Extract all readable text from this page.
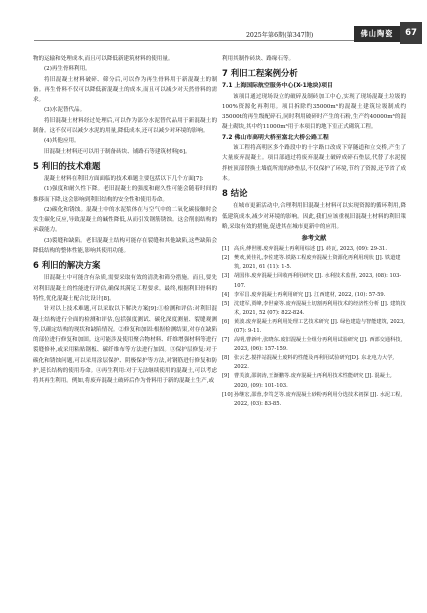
2025年第6期(第347期)	佛山陶瓷	67

物的运输和处理成本,而且可以降低新建筑材料的使用量。

(2)再生骨料利用。

将旧混凝土材料破碎、筛分后,可以作为再生骨料用于新混凝土的制备。再生骨料不仅可以降低新混凝土的成本,而且可以减少对天然骨料的需求。

(3)水泥替代品。

将旧混凝土材料经过处理后,可以作为部分水泥替代品用于新混凝土的制备。这不仅可以减少水泥的用量,降低成本,还可以减少对环境的影响。

(4)其他应用。

旧混凝土材料还可以用于制备砖块、铺路石等建筑材料[6]。

5 利旧的技术难题

混凝土材料在利旧方面面临的技术难题主要包括以下几个方面[7]:

(1)强度和耐久性下降。老旧混凝土的强度和耐久性可能会随着时间的推移而下降,这会影响到利旧结构的安全性和使用寿命。

(2)碳化和锈蚀。混凝土中的水泥浆体在与空气中的二氧化碳接触时会发生碳化反应,导致混凝土的碱性降低,从而引发钢筋锈蚀。这会削弱结构的承载能力。

(3)裂缝和缺陷。老旧混凝土结构可能存在裂缝和其他缺陷,这些缺陷会降低结构的整体性能,影响其使用功能。

6 利旧的解决方案

旧混凝土中可能含有杂质,需要采取有效的清洗和筛分措施。而且,要先对利旧混凝土的性能进行评估,确保其满足工程要求。最终,根据利旧骨料的特性,优化混凝土配合比设计[8]。

针对以上技术难题,可以采取以下解决方案[9]:①检测和评估:对利旧混凝土结构进行全面的检测和评估,包括强度测试、碳化深度测量、裂缝观测等,以确定结构的现状和缺陷情况。②修复和加固:根据检测结果,对存在缺陷的部位进行修复和加固。这可能涉及使用聚合物材料、纤维增强材料等进行裂缝修补,或采用粘贴钢板、碳纤维布等方法进行加固。③保护层修复:对于碳化和锈蚀问题,可以采用涂层保护、阴极保护等方法,对钢筋进行修复和防护,延长结构的使用寿命。④再生利用:对于无法继续使用的混凝土,可以考虑将其再生利用。例如,将废弃混凝土破碎后作为骨料用于新的混凝土生产,或

利用其制作砖块、路缘石等。

7 利旧工程案例分析
7.1 上海国际航空服务中心(X-1地块)项目

该项目通过现场设立的破碎及制砖加工中心,实现了现场混凝土垃圾的100%资源化再利用。项目拆除约35000m³的混凝土建筑垃圾制成约35000t的再生级配碎石,同时利用破碎时产生的石粉,生产约40000m³的混凝土砌块,其中约11000m³用于本项目的地下室正式砌筑工程。

7.2 佛山市高明大桥至富北大桥公路工程

该工程将高明区多个路段中的十字路口改成下穿隧道和立交桥,产生了大量废弃混凝土。项目部通过将废弃混凝土破碎成碎石垫层,代替了水泥搅拌桩顶部替换土墙底所需的砂垫层,不仅保护了环境,节约了资源,还节省了成本。

8 结论

在城市更新活动中,合理利用旧混凝土材料可以实现资源的循环利用,降低建筑成本,减少对环境的影响。因此,我们应该重视旧混凝土材料的利旧策略,采取有效的措施,促进其在城市更新中的应用。

参考文献

[1] 高兵,傅世刚.废弃混凝土再利用综述 [J]. 砖瓦, 2023, (09): 29-31.

[2] 樊欢,黄佳礼,李佐建等.铁路工程废弃混凝土资源化再利用现状 [J]. 铁道建筑, 2021, 61 (11): 1-5.

[3] 胡国伟.废弃混凝土回收再利用研究 [J]. 水利技术监督, 2023, (08): 103-107.

[4] 李军昌.废弃混凝土再利用研究 [J]. 江西建材, 2022, (10): 57-59.

[5] 沈建军,贾峰,李世豪等.废弃混凝土切割再利用技术的经济性分析 [J]. 建筑技术, 2021, 52 (07): 822-824.

[6] 黄波.废弃混凝土再利用处理工艺技术研究 [J]. 绿色建造与智能建筑, 2023, (07): 9-11.

[7] 高明,曹新叶,张晓东.废旧混凝土全组分再利用试验研究 [J]. 西部交通科技, 2023, (06): 157-159.

[8] 张云艺.搅拌站混凝土废料的性能及再利用试验研究[D]. 东北电力大学, 2022.

[9] 曹芙波,邵润涛,王渐鹏等.废弃混凝土再利用技术性能研究 [J]. 混凝土, 2020, (09): 101-103.

[10] 孙继宏,邵蓉,李笃芝等.废弃混凝土砂粉再利用分选技术初探 [J]. 水泥工程, 2022, (03): 83-85.
